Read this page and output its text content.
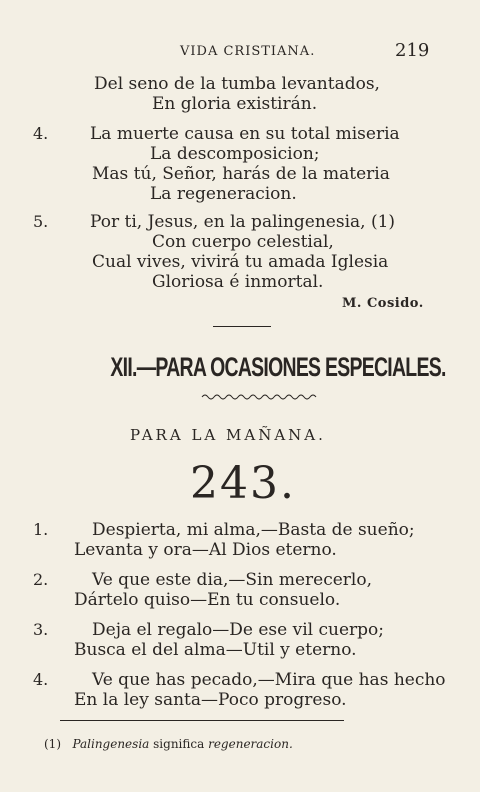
VIDA CRISTIANA.	219
Del seno de la tumba levantados,
En gloria existirán.
4. La muerte causa en su total miseria
La descomposicion;
Mas tú, Señor, harás de la materia
La regeneracion.
5. Por ti, Jesus, en la palingenesia, (1)
Con cuerpo celestial,
Cual vives, vivirá tu amada Iglesia
Gloriosa é inmortal.
M. Cosido.
XII.—PARA OCASIONES ESPECIALES.
PARA LA MAÑANA.
243.
1.	Despierta, mi alma,—Basta de sueño;
Levanta y ora—Al Dios eterno.
2.	Ve que este dia,—Sin merecerlo,
Dártelo quiso—En tu consuelo.
3.	Deja el regalo—De ese vil cuerpo;
Busca el del alma—Util y eterno.
4.	Ve que has pecado,—Mira que has hecho
En la ley santa—Poco progreso.
(1) Palingenesia significa regeneracion.
